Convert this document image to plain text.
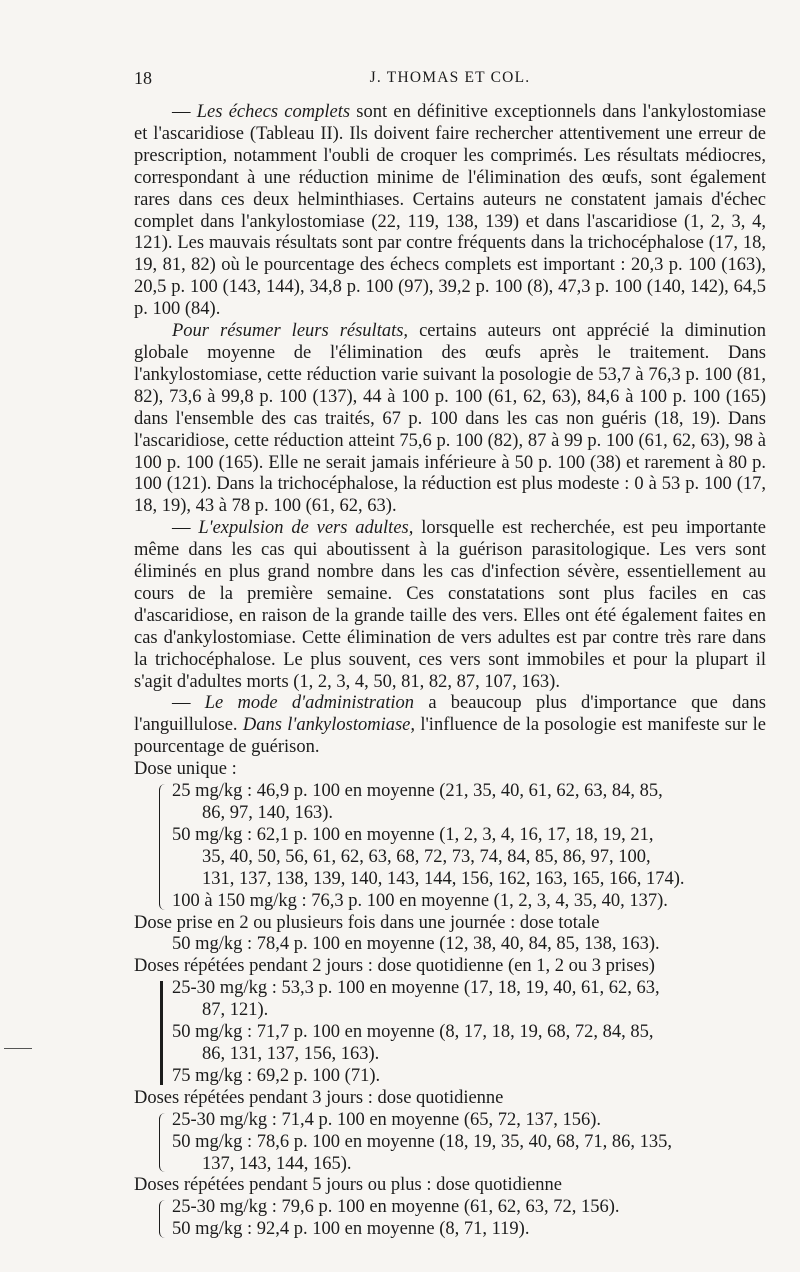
18	J. THOMAS ET COL.

— Les échecs complets sont en définitive exceptionnels dans l'ankylostomiase et l'ascaridiose (Tableau II). Ils doivent faire rechercher attentivement une erreur de prescription, notamment l'oubli de croquer les comprimés. Les résultats médiocres, correspondant à une réduction minime de l'élimination des œufs, sont également rares dans ces deux helminthiases. Certains auteurs ne constatent jamais d'échec complet dans l'ankylostomiase (22, 119, 138, 139) et dans l'ascaridiose (1, 2, 3, 4, 121). Les mauvais résultats sont par contre fréquents dans la trichocéphalose (17, 18, 19, 81, 82) où le pourcentage des échecs complets est important : 20,3 p. 100 (163), 20,5 p. 100 (143, 144), 34,8 p. 100 (97), 39,2 p. 100 (8), 47,3 p. 100 (140, 142), 64,5 p. 100 (84).

Pour résumer leurs résultats, certains auteurs ont apprécié la diminution globale moyenne de l'élimination des œufs après le traitement. Dans l'ankylostomiase, cette réduction varie suivant la posologie de 53,7 à 76,3 p. 100 (81, 82), 73,6 à 99,8 p. 100 (137), 44 à 100 p. 100 (61, 62, 63), 84,6 à 100 p. 100 (165) dans l'ensemble des cas traités, 67 p. 100 dans les cas non guéris (18, 19). Dans l'ascaridiose, cette réduction atteint 75,6 p. 100 (82), 87 à 99 p. 100 (61, 62, 63), 98 à 100 p. 100 (165). Elle ne serait jamais inférieure à 50 p. 100 (38) et rarement à 80 p. 100 (121). Dans la trichocéphalose, la réduction est plus modeste : 0 à 53 p. 100 (17, 18, 19), 43 à 78 p. 100 (61, 62, 63).

— L'expulsion de vers adultes, lorsquelle est recherchée, est peu importante même dans les cas qui aboutissent à la guérison parasitologique. Les vers sont éliminés en plus grand nombre dans les cas d'infection sévère, essentiellement au cours de la première semaine. Ces constatations sont plus faciles en cas d'ascaridiose, en raison de la grande taille des vers. Elles ont été également faites en cas d'ankylostomiase. Cette élimination de vers adultes est par contre très rare dans la trichocéphalose. Le plus souvent, ces vers sont immobiles et pour la plupart il s'agit d'adultes morts (1, 2, 3, 4, 50, 81, 82, 87, 107, 163).

— Le mode d'administration a beaucoup plus d'importance que dans l'anguillulose. Dans l'ankylostomiase, l'influence de la posologie est manifeste sur le pourcentage de guérison.

Dose unique :
25 mg/kg : 46,9 p. 100 en moyenne (21, 35, 40, 61, 62, 63, 84, 85,
86, 97, 140, 163).
50 mg/kg : 62,1 p. 100 en moyenne (1, 2, 3, 4, 16, 17, 18, 19, 21,
35, 40, 50, 56, 61, 62, 63, 68, 72, 73, 74, 84, 85, 86, 97, 100,
131, 137, 138, 139, 140, 143, 144, 156, 162, 163, 165, 166, 174).
100 à 150 mg/kg : 76,3 p. 100 en moyenne (1, 2, 3, 4, 35, 40, 137).
Dose prise en 2 ou plusieurs fois dans une journée : dose totale
50 mg/kg : 78,4 p. 100 en moyenne (12, 38, 40, 84, 85, 138, 163).
Doses répétées pendant 2 jours : dose quotidienne (en 1, 2 ou 3 prises)
25-30 mg/kg : 53,3 p. 100 en moyenne (17, 18, 19, 40, 61, 62, 63,
87, 121).
50 mg/kg : 71,7 p. 100 en moyenne (8, 17, 18, 19, 68, 72, 84, 85,
86, 131, 137, 156, 163).
75 mg/kg : 69,2 p. 100 (71).
Doses répétées pendant 3 jours : dose quotidienne
25-30 mg/kg : 71,4 p. 100 en moyenne (65, 72, 137, 156).
50 mg/kg : 78,6 p. 100 en moyenne (18, 19, 35, 40, 68, 71, 86, 135,
137, 143, 144, 165).
Doses répétées pendant 5 jours ou plus : dose quotidienne
25-30 mg/kg : 79,6 p. 100 en moyenne (61, 62, 63, 72, 156).
50 mg/kg : 92,4 p. 100 en moyenne (8, 71, 119).
